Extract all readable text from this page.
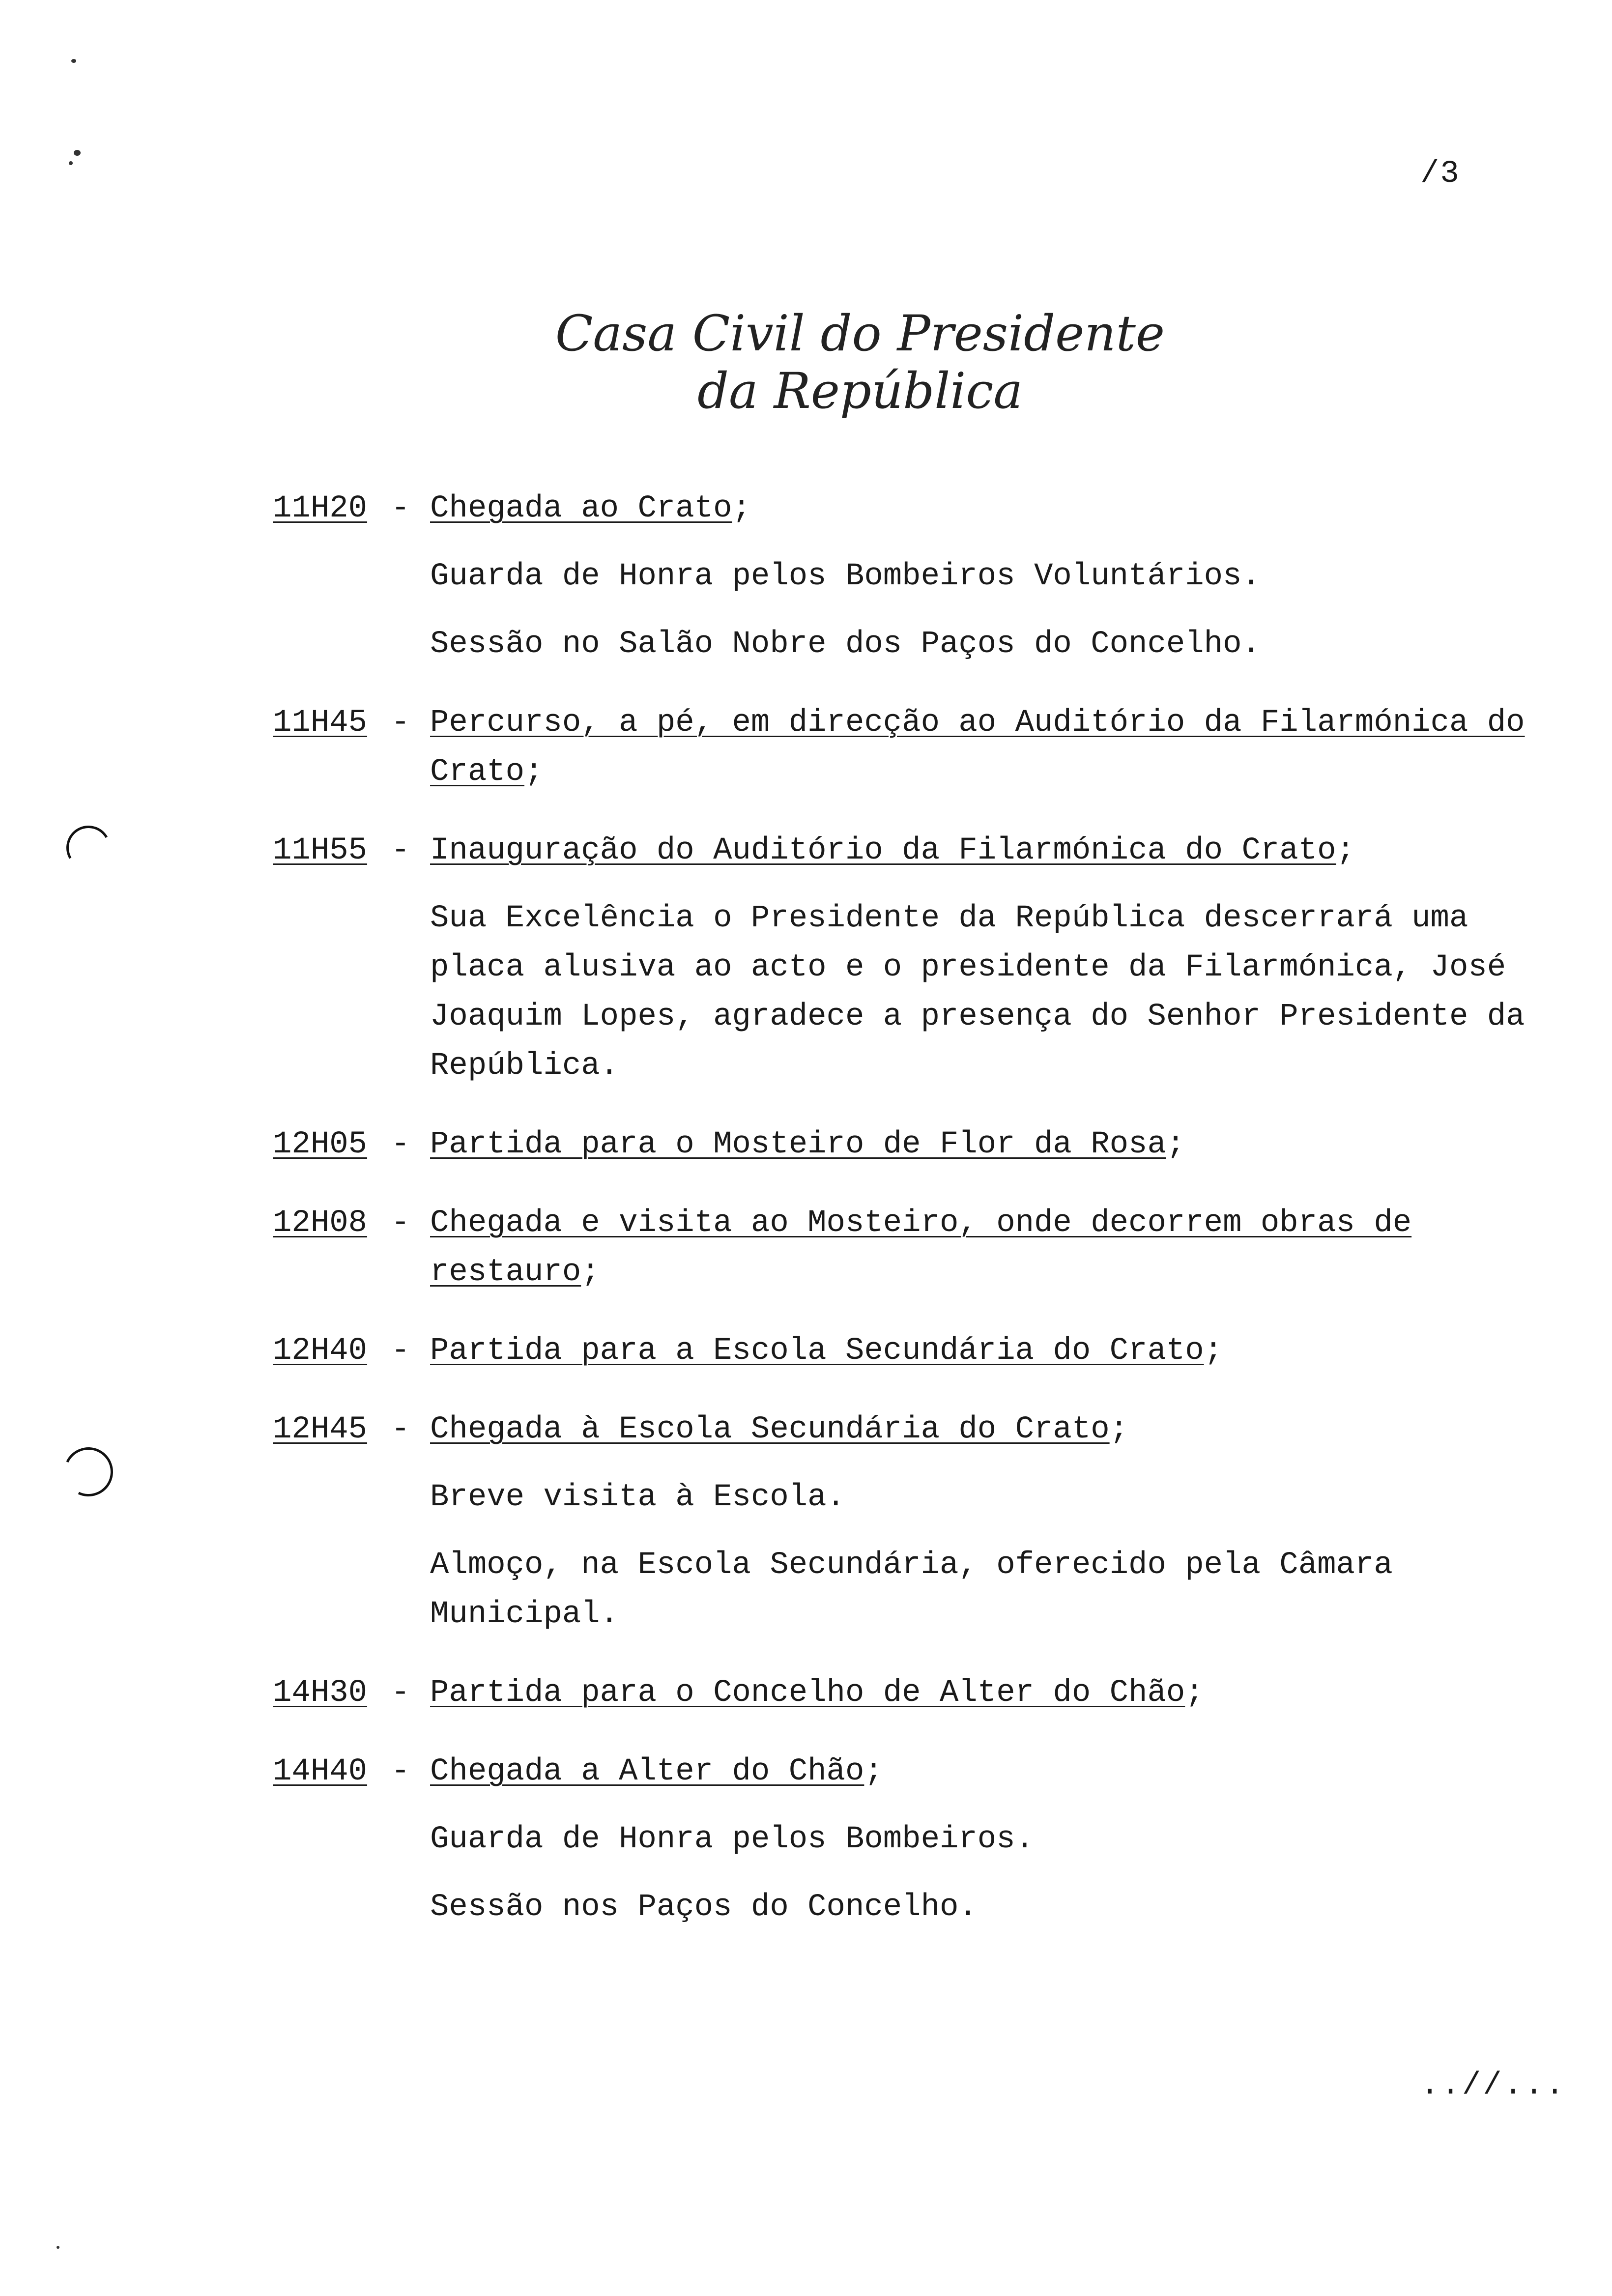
/3
Casa Civil do Presidente da República
11H20 - Chegada ao Crato;
Guarda de Honra pelos Bombeiros Voluntários.
Sessão no Salão Nobre dos Paços do Concelho.
11H45 - Percurso, a pé, em direcção ao Auditório da Filarmónica do Crato;
11H55 - Inauguração do Auditório da Filarmónica do Crato;
Sua Excelência o Presidente da República descerrará uma placa alusiva ao acto e o presidente da Filarmónica, José Joaquim Lopes, agradece a presença do Senhor Presidente da República.
12H05 - Partida para o Mosteiro de Flor da Rosa;
12H08 - Chegada e visita ao Mosteiro, onde decorrem obras de restauro;
12H40 - Partida para a Escola Secundária do Crato;
12H45 - Chegada à Escola Secundária do Crato;
Breve visita à Escola.
Almoço, na Escola Secundária, oferecido pela Câmara Municipal.
14H30 - Partida para o Concelho de Alter do Chão;
14H40 - Chegada a Alter do Chão;
Guarda de Honra pelos Bombeiros.
Sessão nos Paços do Concelho.
..//...
